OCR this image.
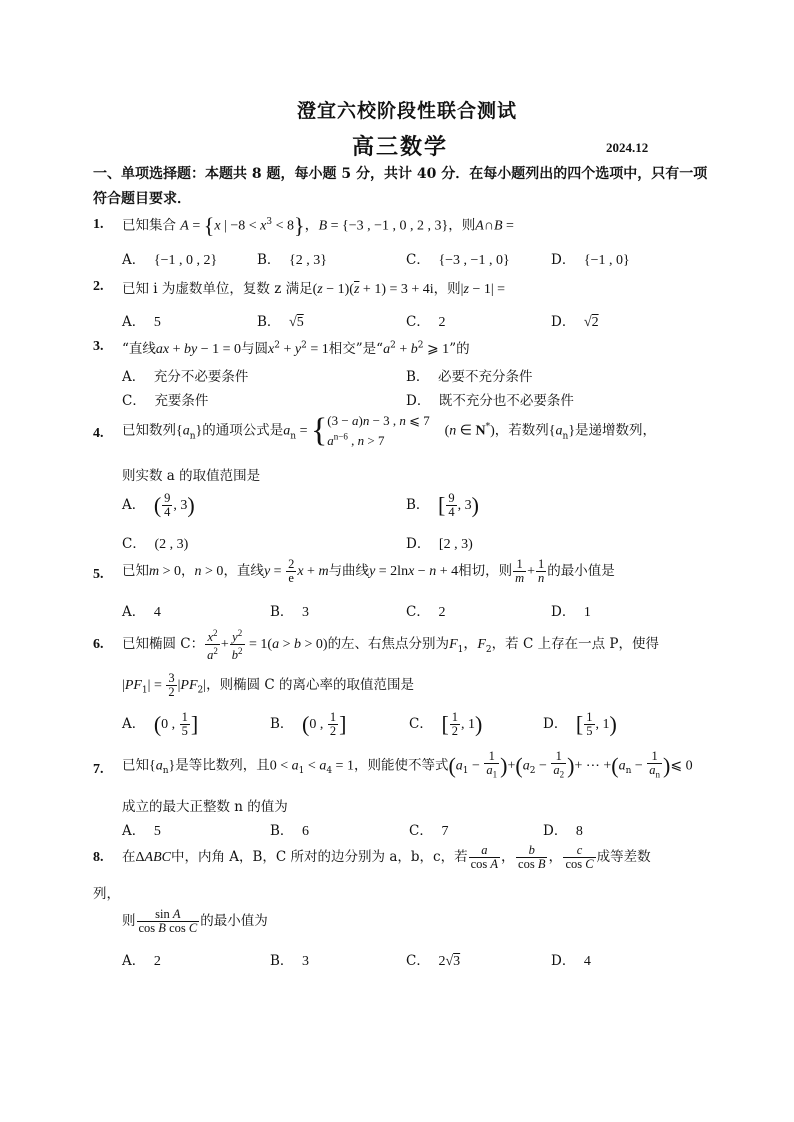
澄宜六校阶段性联合测试
高三数学	2024.12
一、单项选择题：本题共 8 题，每小题 5 分，共计 40 分．在每小题列出的四个选项中，只有一项
符合题目要求．
1. 已知集合 A = {x | $-8 < x^3 < 8$}，B = {−3 , −1 , 0 , 2 , 3}，则A∩B =
A． {−1 , 0 , 2}	B． {2 , 3}	C． {−3 , −1 , 0}	D． {−1 , 0}
2. 已知 i 为虚数单位，复数 z 满足$(z - 1)(\overline{z} + 1) = 3 + 4i$，则|z − 1| =
A． 5	B． √5	C． 2	D． √2
3. “直线ax + by − 1 = 0与圆$x^2 + y^2 = 1$相交”是“$a^2 + b^2$ ⩾ 1”的
A． 充分不必要条件	B． 必要不充分条件
C． 充要条件	D． 既不充分也不必要条件
4. 已知数列$\{a_n\}$的通项公式是$a_n = \{(3 - a)n - 3$ , n ⩽ 7
$a^{n-6}$ , n > 7    (n ∈ N*)，若数列$\{a_n\}$是递增数列，
则实数 a 的取值范围是
A． ( $\frac{9}{4}$ , 3)	B． [ $\frac{9}{4}$ , 3)
C． (2 , 3)	D． [2 , 3)
5. 已知m > 0，n > 0，直线$y = \frac{2}{e}$ x + m与曲线y = 2lnx − n + 4相切，则 $\frac{1}{m} + \frac{1}{n}$ 的最小值是
A． 4	B． 3	C． 2	D． 1
6. 已知椭圆 C： $\frac{x^2}{a^2} + \frac{y^2}{b^2} = 1(a > b > 0)$的左、右焦点分别为$F_1$，$F_2$，若 C 上存在一点 P，使得
$|PF_1| = \frac{3}{2} |PF_2|$，则椭圆 C 的离心率的取值范围是
A． (0 , $\frac{1}{5}$ ]	B． (0 , $\frac{1}{2}$ ]	C． [ $\frac{1}{2}$ , 1)	D． [ $\frac{1}{5}$ , 1)
7. 已知$\{a_n\}$是等比数列，且$0 < a_1 < a_4 = 1$，则能使不等式$(a_1 - \frac{1}{a_1} )+(a_2 - \frac{1}{a_2}$ )+ ⋯ $+(a_n - \frac{1}{a_n}$ )⩽ 0
成立的最大正整数 n 的值为
A． 5	B． 6	C． 7	D． 8
8. 在ΔABC中，内角 A，B，C 所对的边分别为 a，b，c，若 $\frac{a}{\text{cos A}}$ ， $\frac{b}{\text{cos B}}$ ， $\frac{c}{\text{cos C}}$ 成等差数
列，
则 $\frac{\text{sin A}}{\text{cos B cos C}}$ 的最小值为
A． 2	B． 3	C． 2√3	D． 4
